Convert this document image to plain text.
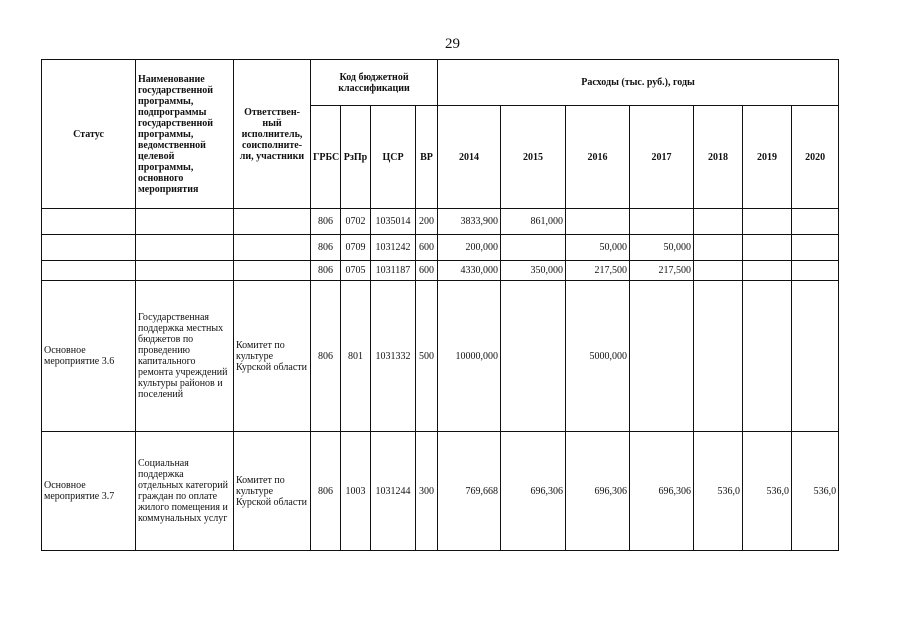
29
Статус	Наименование государственной программы, подпрограммы государственной программы, ведомственной целевой программы, основного мероприятия	Ответствен-ный исполнитель, соисполните-ли, участники	Код бюджетной классификации				Расходы (тыс. руб.), годы						
			ГРБС	РзПр	ЦСР	ВР	2014	2015	2016	2017	2018	2019	2020
			806	0702	1035014	200	3833,900	861,000					
			806	0709	1031242	600	200,000		50,000	50,000			
			806	0705	1031187	600	4330,000	350,000	217,500	217,500			
Основное мероприятие 3.6	Государственная поддержка местных бюджетов по проведению капитального ремонта учреждений культуры районов и поселений	Комитет по культуре Курской области	806	801	1031332	500	10000,000		5000,000				
Основное мероприятие 3.7	Социальная поддержка отдельных категорий граждан по оплате жилого помещения и коммунальных услуг	Комитет по культуре Курской области	806	1003	1031244	300	769,668	696,306	696,306	696,306	536,0	536,0	536,0
